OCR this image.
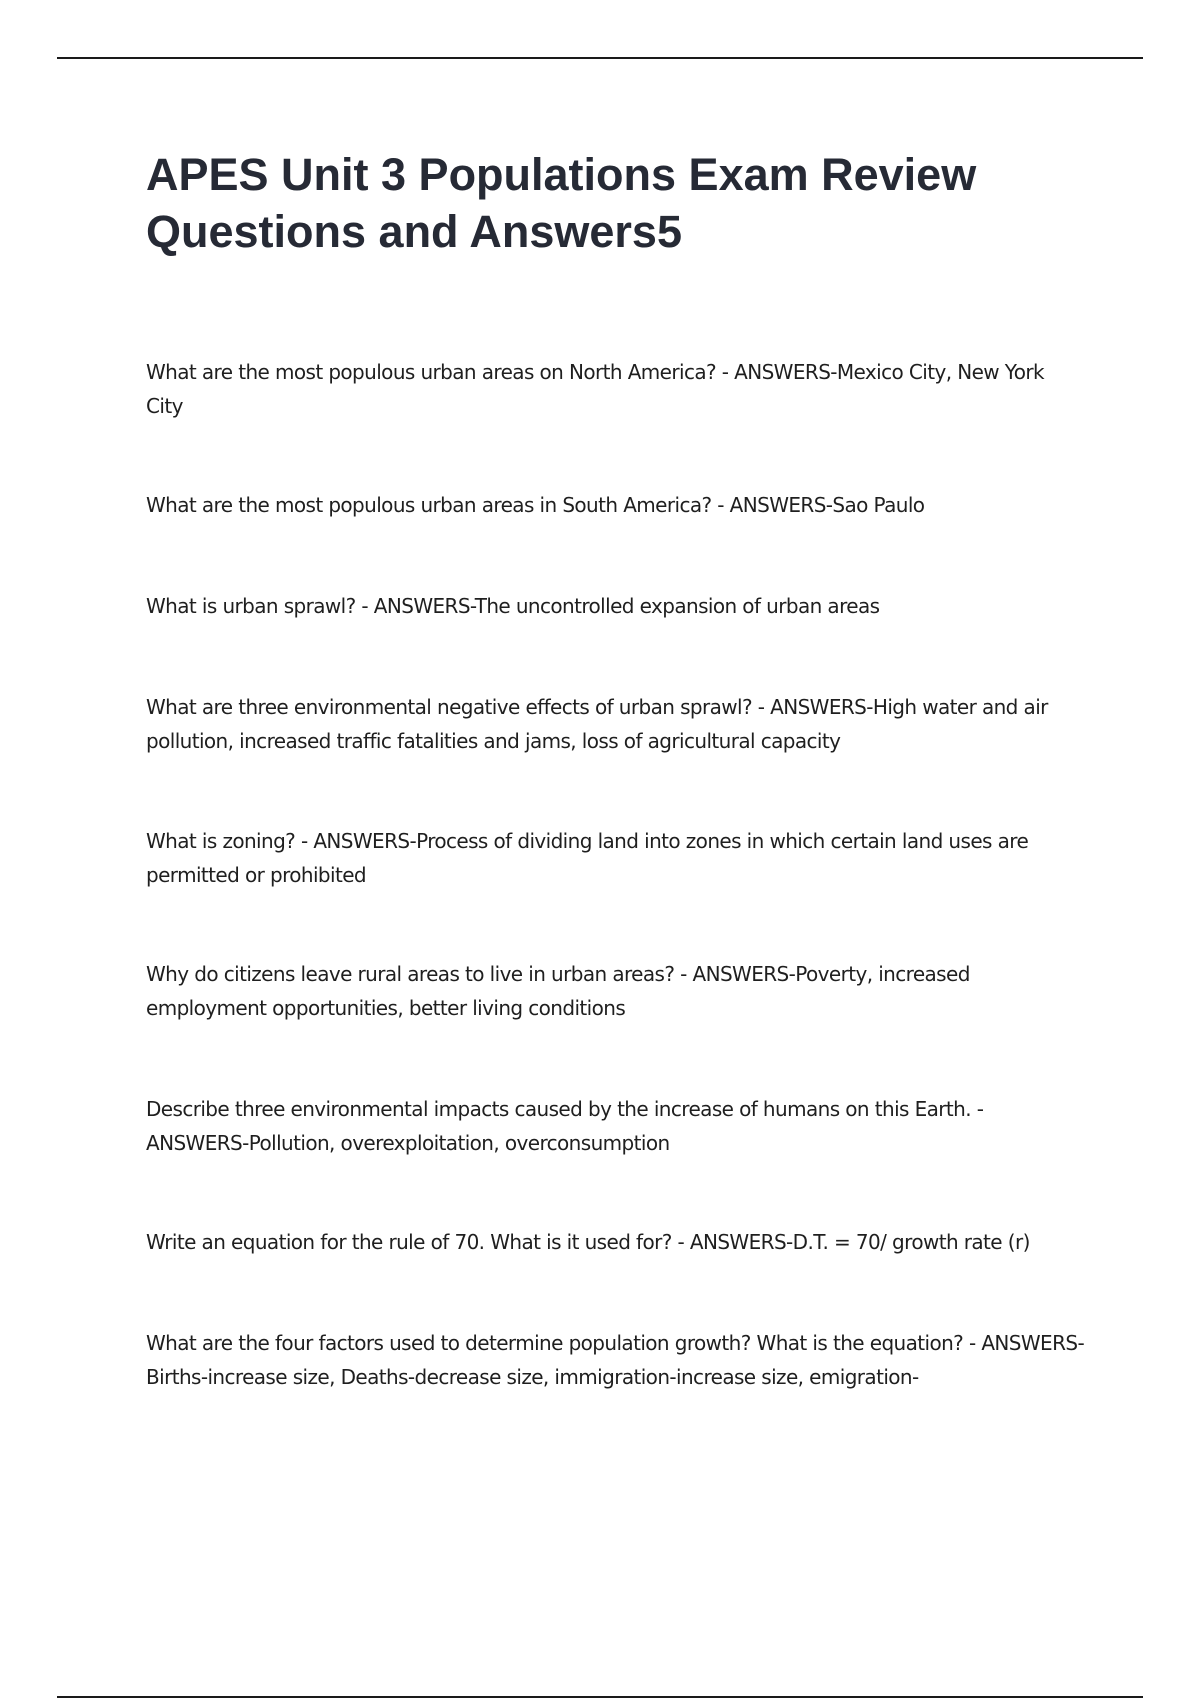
APES Unit 3 Populations Exam Review Questions and Answers5
What are the most populous urban areas on North America? - ANSWERS-Mexico City, New York City
What are the most populous urban areas in South America? - ANSWERS-Sao Paulo
What is urban sprawl? - ANSWERS-The uncontrolled expansion of urban areas
What are three environmental negative effects of urban sprawl? - ANSWERS-High water and air pollution, increased traffic fatalities and jams, loss of agricultural capacity
What is zoning? - ANSWERS-Process of dividing land into zones in which certain land uses are permitted or prohibited
Why do citizens leave rural areas to live in urban areas? - ANSWERS-Poverty, increased employment opportunities, better living conditions
Describe three environmental impacts caused by the increase of humans on this Earth. - ANSWERS-Pollution, overexploitation, overconsumption
Write an equation for the rule of 70. What is it used for? - ANSWERS-D.T. = 70/ growth rate (r)
What are the four factors used to determine population growth? What is the equation? - ANSWERS-Births-increase size, Deaths-decrease size, immigration-increase size, emigration-
